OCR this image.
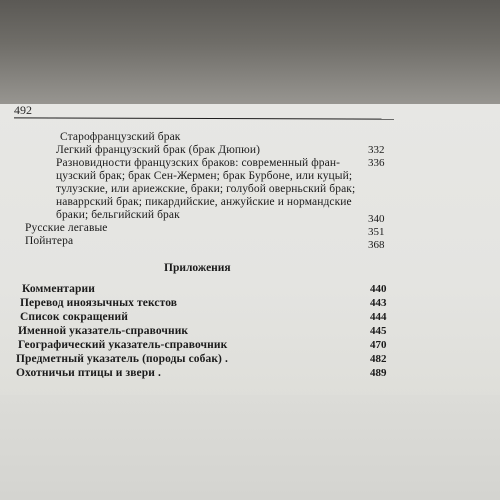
492
Старофранцузский брак
Легкий французский брак (брак Дюпюи)	332
Разновидности французских браков: современный фран-	336
цузский брак; брак Сен-Жермен; брак Бурбоне, или куцый;
тулузские, или ариежские, браки; голубой оверньский брак;
наваррский брак; пикардийские, анжуйские и нормандские
браки; бельгийский брак	340
Русские легавые	351
Пойнтера	368
Приложения
Комментарии	440
Перевод иноязычных текстов	443
Список сокращений	444
Именной указатель-справочник	445
Географический указатель-справочник	470
Предметный указатель (породы собак) .	482
Охотничьи птицы и звери .	489
